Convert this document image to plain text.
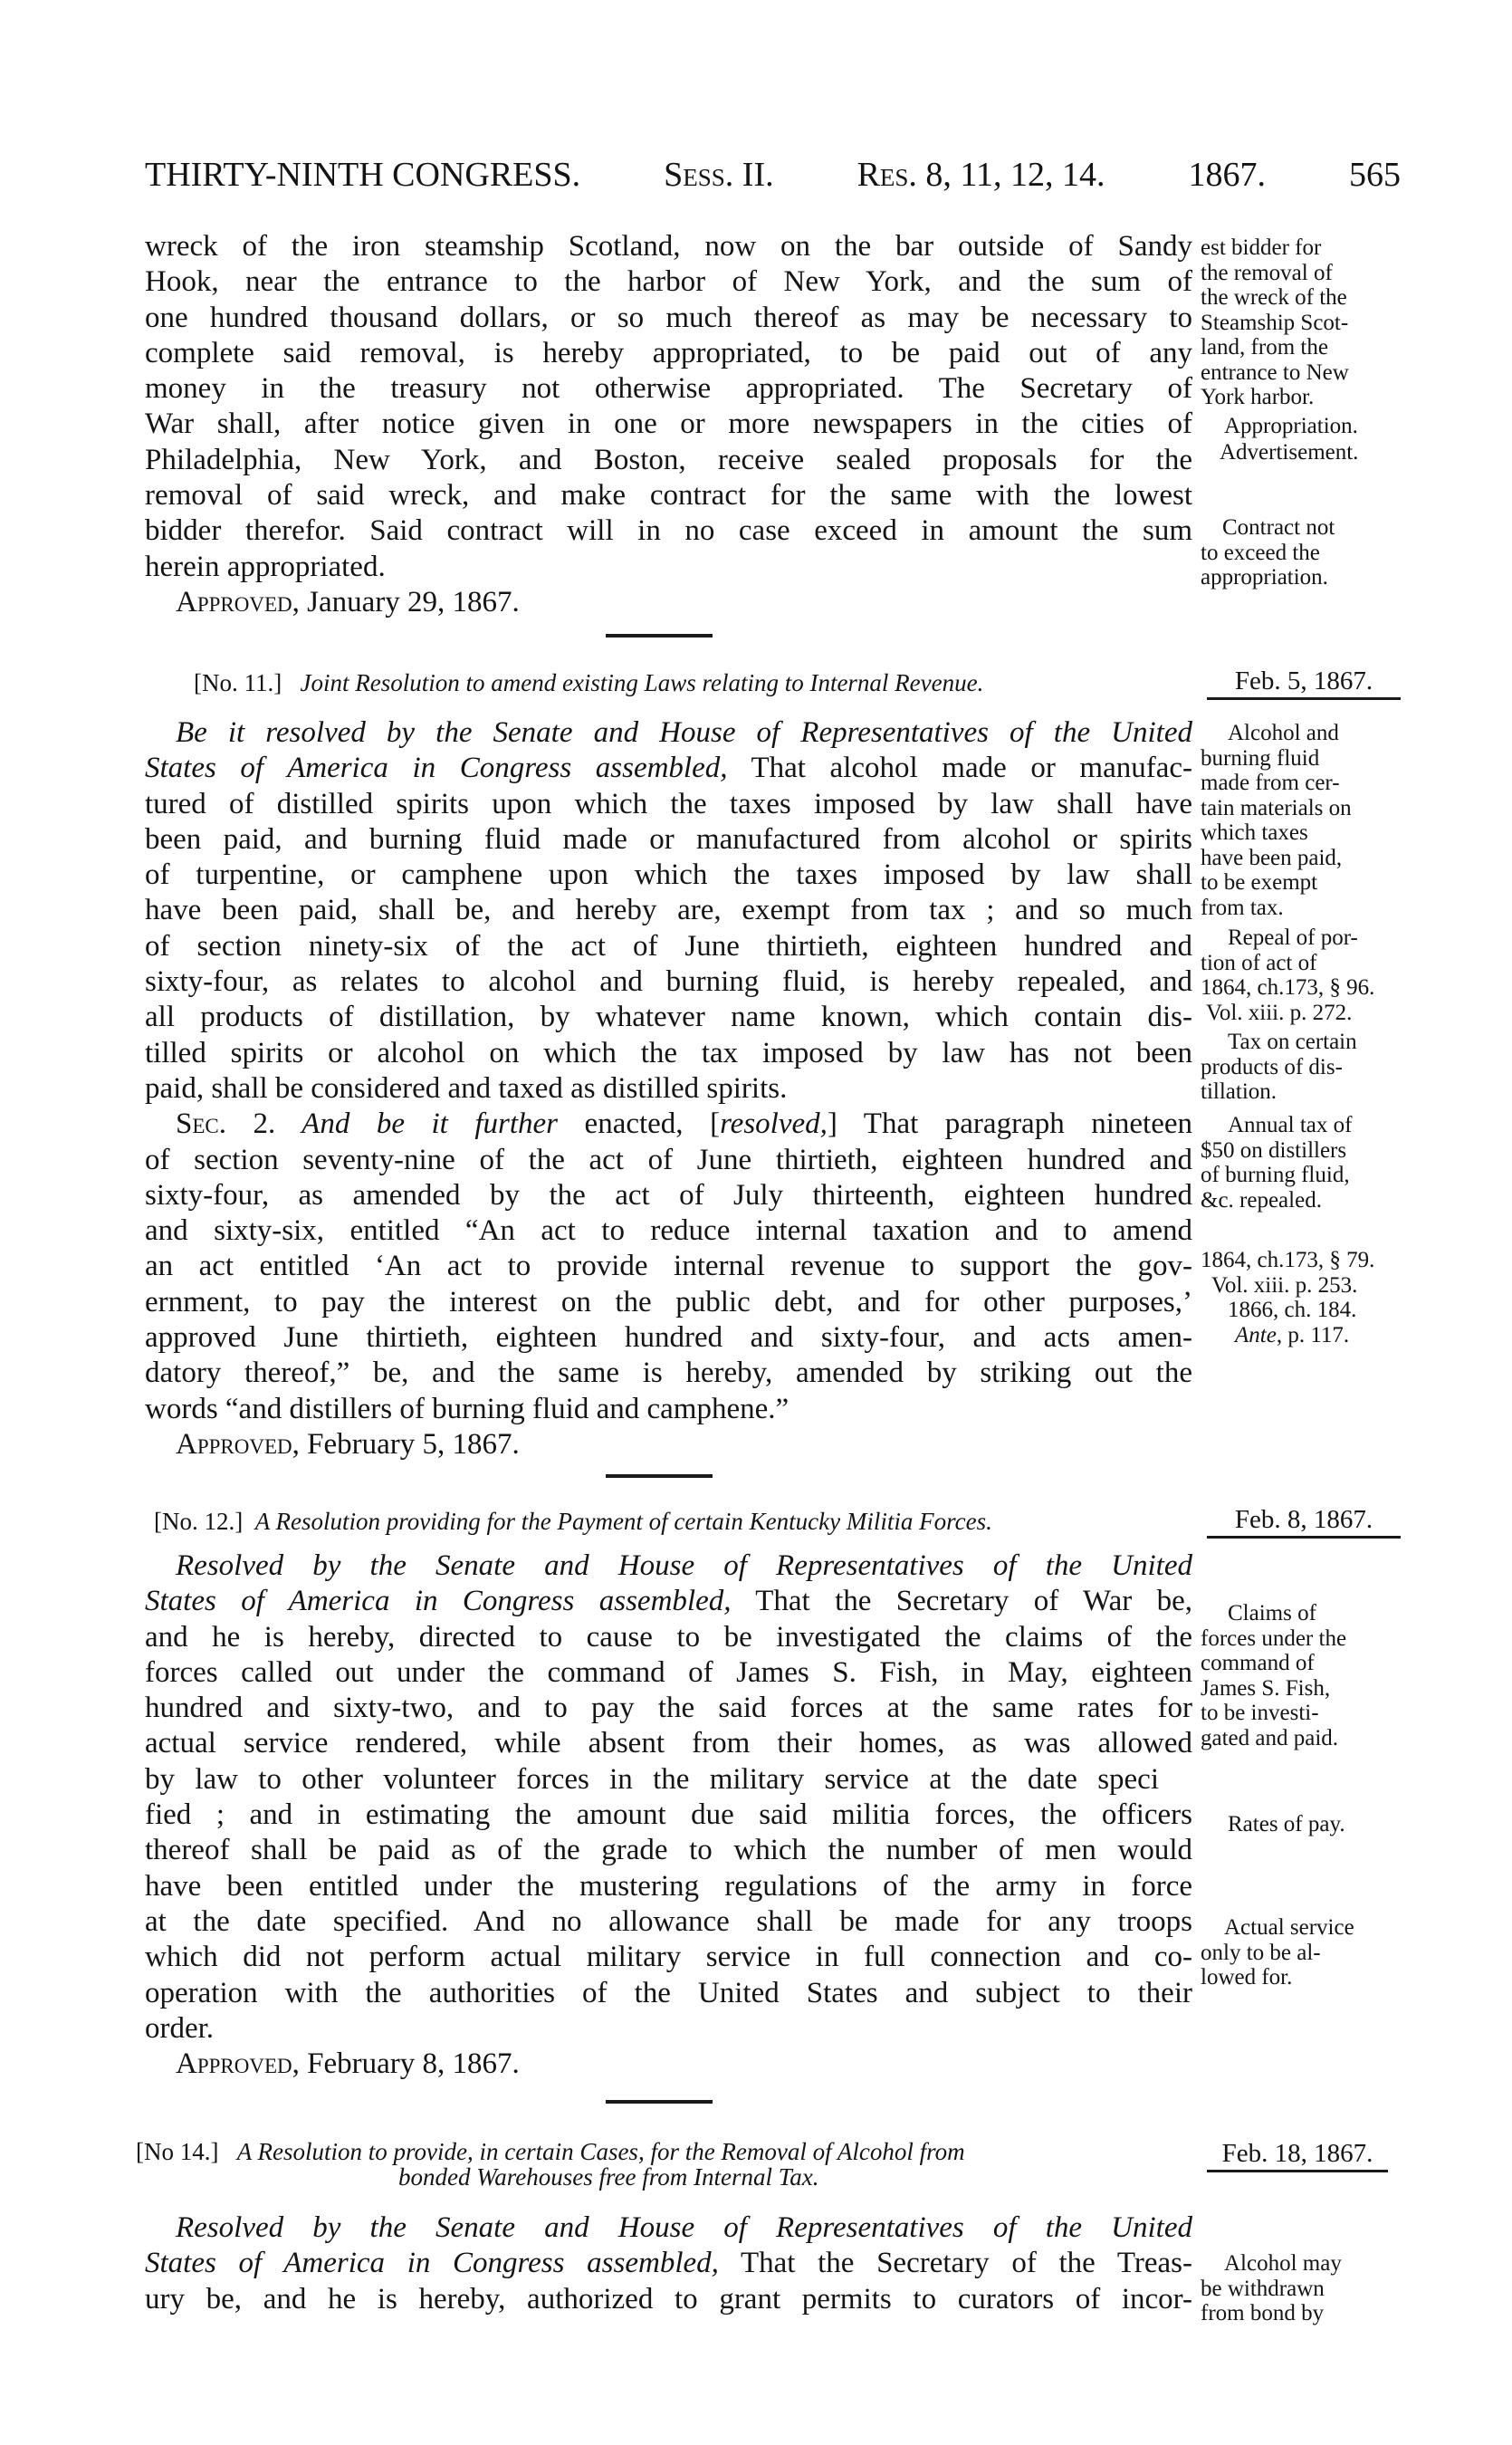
THIRTY-NINTH CONGRESS. Sess. II. Res. 8, 11, 12, 14. 1867. 565
wreck of the iron steamship Scotland, now on the bar outside of Sandy
Hook, near the entrance to the harbor of New York, and the sum of
one hundred thousand dollars, or so much thereof as may be necessary to
complete said removal, is hereby appropriated, to be paid out of any
money in the treasury not otherwise appropriated. The Secretary of
War shall, after notice given in one or more newspapers in the cities of
Philadelphia, New York, and Boston, receive sealed proposals for the
removal of said wreck, and make contract for the same with the lowest
bidder therefor. Said contract will in no case exceed in amount the sum
herein appropriated.
Approved, January 29, 1867.
est bidder for
the removal of
the wreck of the
Steamship Scot-
land, from the
entrance to New
York harbor.
Appropriation.
Advertisement.
Contract not
to exceed the
appropriation.
[No. 11.] Joint Resolution to amend existing Laws relating to Internal Revenue.	Feb. 5, 1867.
Be it resolved by the Senate and House of Representatives of the United
States of America in Congress assembled, That alcohol made or manufac-
tured of distilled spirits upon which the taxes imposed by law shall have
been paid, and burning fluid made or manufactured from alcohol or spirits
of turpentine, or camphene upon which the taxes imposed by law shall
have been paid, shall be, and hereby are, exempt from tax ; and so much
of section ninety-six of the act of June thirtieth, eighteen hundred and
sixty-four, as relates to alcohol and burning fluid, is hereby repealed, and
all products of distillation, by whatever name known, which contain dis-
tilled spirits or alcohol on which the tax imposed by law has not been
paid, shall be considered and taxed as distilled spirits.
Sec. 2. And be it further enacted, [resolved,] That paragraph nineteen
of section seventy-nine of the act of June thirtieth, eighteen hundred and
sixty-four, as amended by the act of July thirteenth, eighteen hundred
and sixty-six, entitled “An act to reduce internal taxation and to amend
an act entitled ‘An act to provide internal revenue to support the gov-
ernment, to pay the interest on the public debt, and for other purposes,’
approved June thirtieth, eighteen hundred and sixty-four, and acts amen-
datory thereof,” be, and the same is hereby, amended by striking out the
words “and distillers of burning fluid and camphene.”
Approved, February 5, 1867.
Alcohol and
burning fluid
made from cer-
tain materials on
which taxes
have been paid,
to be exempt
from tax.
Repeal of por-
tion of act of
1864, ch.173, § 96.
Vol. xiii. p. 272.
Tax on certain
products of dis-
tillation.
Annual tax of
$50 on distillers
of burning fluid,
&c. repealed.
1864, ch.173, § 79.
Vol. xiii. p. 253.
1866, ch. 184.
Ante, p. 117.
[No. 12.] A Resolution providing for the Payment of certain Kentucky Militia Forces.	Feb. 8, 1867.
Resolved by the Senate and House of Representatives of the United
States of America in Congress assembled, That the Secretary of War be,
and he is hereby, directed to cause to be investigated the claims of the
forces called out under the command of James S. Fish, in May, eighteen
hundred and sixty-two, and to pay the said forces at the same rates for
actual service rendered, while absent from their homes, as was allowed
by law to other volunteer forces in the military service at the date speci
fied ; and in estimating the amount due said militia forces, the officers
thereof shall be paid as of the grade to which the number of men would
have been entitled under the mustering regulations of the army in force
at the date specified. And no allowance shall be made for any troops
which did not perform actual military service in full connection and co-
operation with the authorities of the United States and subject to their
order.
Approved, February 8, 1867.
Claims of
forces under the
command of
James S. Fish,
to be investi-
gated and paid.
Rates of pay.
Actual service
only to be al-
lowed for.
[No 14.] A Resolution to provide, in certain Cases, for the Removal of Alcohol from
bonded Warehouses free from Internal Tax.
Feb. 18, 1867.
Resolved by the Senate and House of Representatives of the United
States of America in Congress assembled, That the Secretary of the Treas-
ury be, and he is hereby, authorized to grant permits to curators of incor-
Alcohol may
be withdrawn
from bond by
